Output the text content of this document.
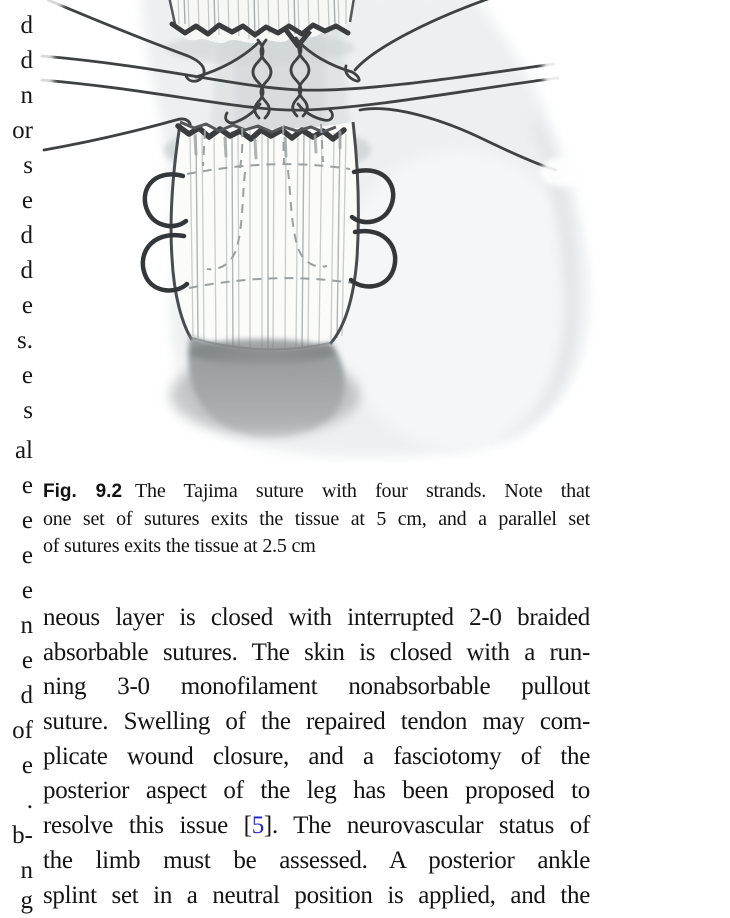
d
d
n
or
s
e
d
d
e
s.
e
s
al
e
e
e
e
n
e
d
of
e
.
b-
n
g
Fig. 9.2 The Tajima suture with four strands. Note that
one set of sutures exits the tissue at 5 cm, and a parallel set
of sutures exits the tissue at 2.5 cm
neous layer is closed with interrupted 2-0 braided
absorbable sutures. The skin is closed with a run-
ning 3-0 monofilament nonabsorbable pullout
suture. Swelling of the repaired tendon may com-
plicate wound closure, and a fasciotomy of the
posterior aspect of the leg has been proposed to
resolve this issue [5]. The neurovascular status of
the limb must be assessed. A posterior ankle
splint set in a neutral position is applied, and the
